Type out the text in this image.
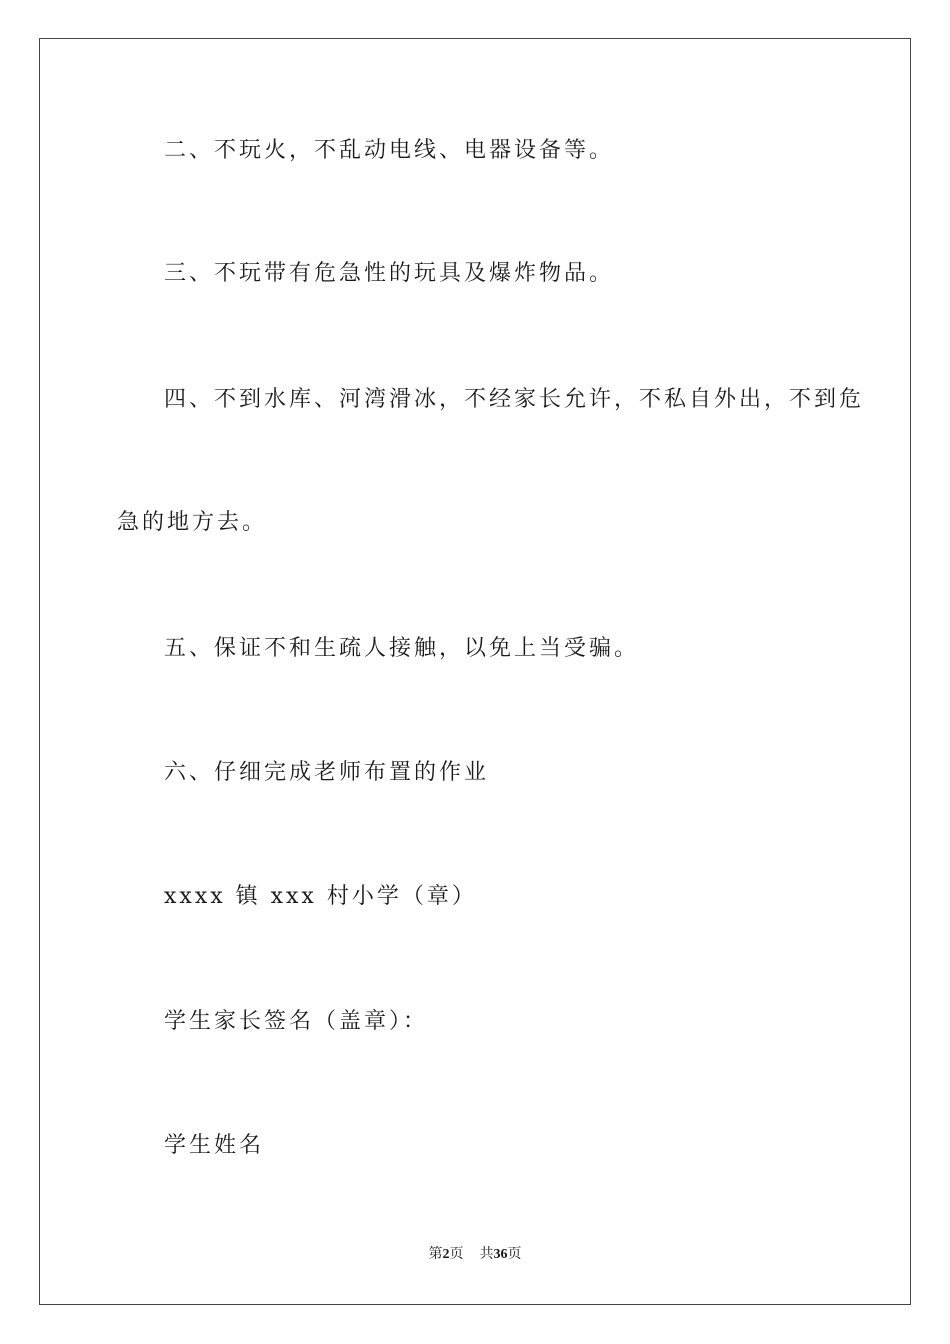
二、不玩火，不乱动电线、电器设备等。

三、不玩带有危急性的玩具及爆炸物品。

四、不到水库、河湾滑冰，不经家长允许，不私自外出，不到危

急的地方去。

五、保证不和生疏人接触，以免上当受骗。

六、仔细完成老师布置的作业

xxxx 镇 xxx 村小学（章）

学生家长签名（盖章）：

学生姓名

第2页 共36页
